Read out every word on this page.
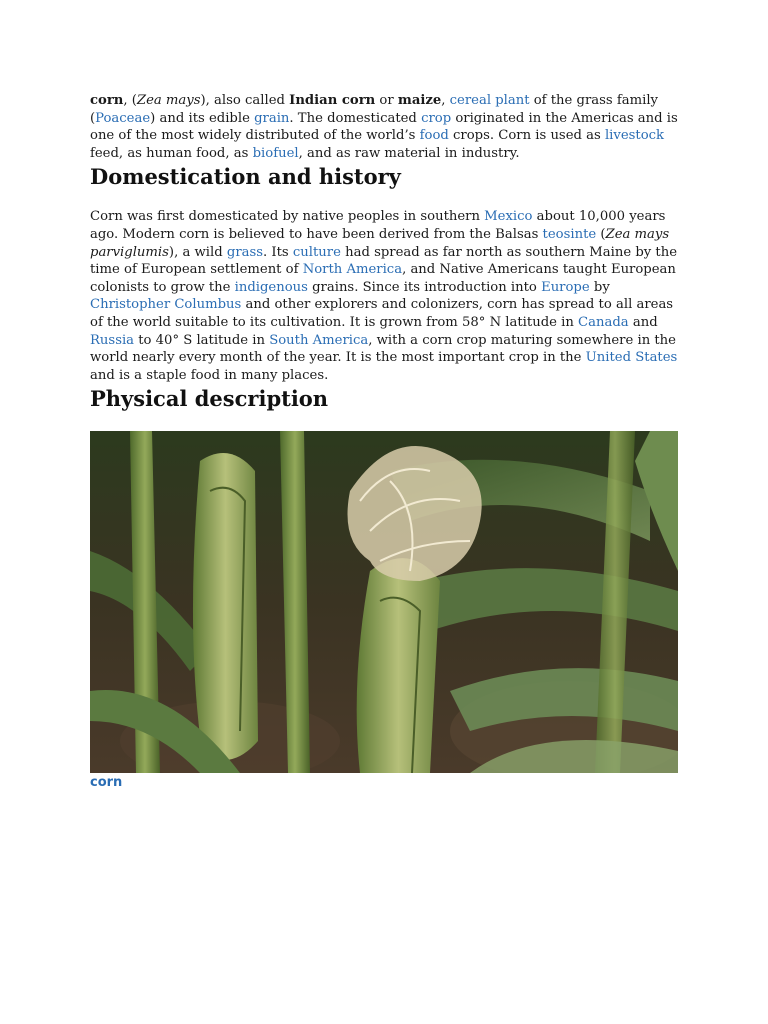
corn, (Zea mays), also called Indian corn or maize, cereal plant of the grass family (Poaceae) and its edible grain. The domesticated crop originated in the Americas and is one of the most widely distributed of the world’s food crops. Corn is used as livestock feed, as human food, as biofuel, and as raw material in industry.

Domestication and history

Corn was first domesticated by native peoples in southern Mexico about 10,000 years ago. Modern corn is believed to have been derived from the Balsas teosinte (Zea mays parviglumis), a wild grass. Its culture had spread as far north as southern Maine by the time of European settlement of North America, and Native Americans taught European colonists to grow the indigenous grains. Since its introduction into Europe by Christopher Columbus and other explorers and colonizers, corn has spread to all areas of the world suitable to its cultivation. It is grown from 58° N latitude in Canada and Russia to 40° S latitude in South America, with a corn crop maturing somewhere in the world nearly every month of the year. It is the most important crop in the United States and is a staple food in many places.

Physical description
corn
